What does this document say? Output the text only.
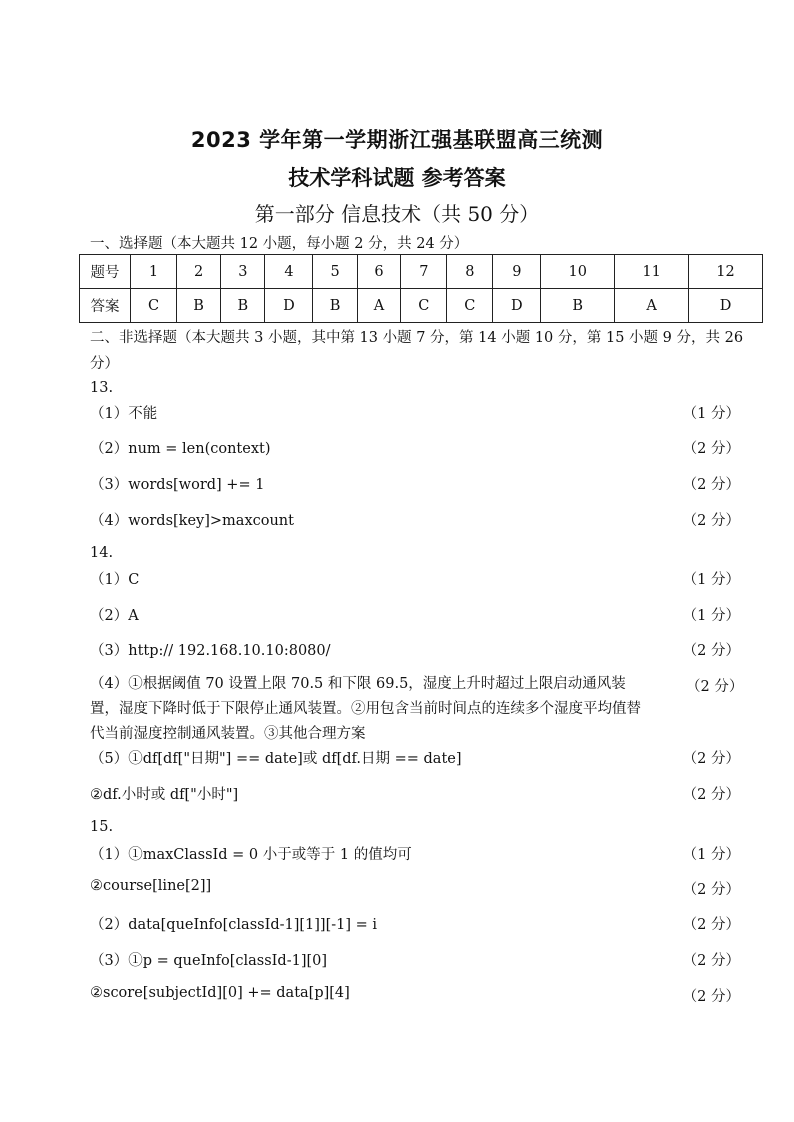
2023 学年第一学期浙江强基联盟高三统测
技术学科试题 参考答案
第一部分 信息技术（共 50 分）
一、选择题（本大题共 12 小题，每小题 2 分，共 24 分）
题号	1	2	3	4	5	6	7	8	9	10	11	12
答案	C	B	B	D	B	A	C	C	D	B	A	D
二、非选择题（本大题共 3 小题，其中第 13 小题 7 分，第 14 小题 10 分，第 15 小题 9 分，共 26 分）
13.
（1）不能	（1 分）
（2）num = len(context)	（2 分）
（3）words[word] += 1	（2 分）
（4）words[key]>maxcount	（2 分）
14.
（1）C	（1 分）
（2）A	（1 分）
（3）http:// 192.168.10.10:8080/	（2 分）
（4）①根据阈值 70 设置上限 70.5 和下限 69.5，湿度上升时超过上限启动通风装置，湿度下降时低于下限停止通风装置。②用包含当前时间点的连续多个湿度平均值替代当前湿度控制通风装置。③其他合理方案
（2 分）
（5）①df[df["日期"] == date]或 df[df.日期 == date]	（2 分）
②df.小时或 df["小时"]	（2 分）
15.
（1）①maxClassId = 0 小于或等于 1 的值均可	（1 分）
②course[line[2]]	（2 分）
（2）data[queInfo[classId-1][1]][-1] = i	（2 分）
（3）①p = queInfo[classId-1][0]	（2 分）
②score[subjectId][0] += data[p][4]	（2 分）
